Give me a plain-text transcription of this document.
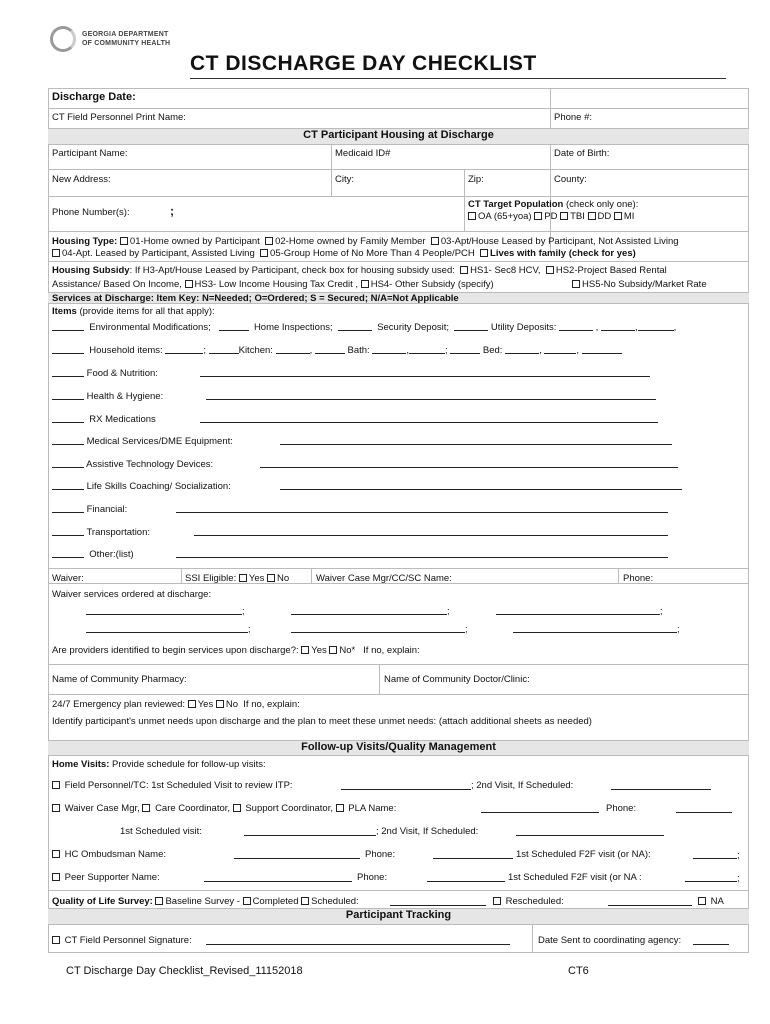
GEORGIA DEPARTMENT
OF COMMUNITY HEALTH
CT DISCHARGE DAY CHECKLIST
Discharge Date:
CT Field Personnel Print Name:	Phone #:
CT Participant Housing at Discharge
Participant Name:	Medicaid ID#	Date of Birth:
New Address:	City:	Zip:	County:
Phone Number(s):	;	CT Target Population (check only one):
OA (65+yoa) PD TBI DD MI
Housing Type: 01-Home owned by Participant 02-Home owned by Family Member 03-Apt/House Leased by Participant, Not Assisted Living
04-Apt. Leased by Participant, Assisted Living 05-Group Home of No More Than 4 People/PCH Lives with family (check for yes)
Housing Subsidy: If H3-Apt/House Leased by Participant, check box for housing subsidy used: HS1- Sec8 HCV, HS2-Project Based Rental
Assistance/ Based On Income, HS3- Low Income Housing Tax Credit , HS4- Other Subsidy (specify)	HS5-No Subsidy/Market Rate
Services at Discharge: Item Key: N=Needed; O=Ordered; S = Secured; N/A=Not Applicable
Items (provide items for all that apply):
Environmental Modifications;	Home Inspections;	Security Deposit;	Utility Deposits:	,	,	,
Household items:	;	Kitchen:	,	Bath:	,	;	Bed:	,	,
Food & Nutrition:
Health & Hygiene:
RX Medications
Medical Services/DME Equipment:
Assistive Technology Devices:
Life Skills Coaching/ Socialization:
Financial:
Transportation:
Other:(list)
Waiver:	SSI Eligible: Yes No	Waiver Case Mgr/CC/SC Name:	Phone:
Waiver services ordered at discharge:
;	;	;
;	;	;
Are providers identified to begin services upon discharge?: Yes No* If no, explain:
Name of Community Pharmacy:	Name of Community Doctor/Clinic:
24/7 Emergency plan reviewed: Yes No If no, explain:
Identify participant's unmet needs upon discharge and the plan to meet these unmet needs: (attach additional sheets as needed)
Follow-up Visits/Quality Management
Home Visits: Provide schedule for follow-up visits:
Field Personnel/TC: 1st Scheduled Visit to review ITP:	; 2nd Visit, If Scheduled:
Waiver Case Mgr, Care Coordinator, Support Coordinator, PLA Name:	Phone:
1st Scheduled visit:	; 2nd Visit, If Scheduled:
HC Ombudsman Name:	Phone:	1st Scheduled F2F visit (or NA):	;
Peer Supporter Name:	Phone:	1st Scheduled F2F visit (or NA :	;
Quality of Life Survey: Baseline Survey - Completed Scheduled:	Rescheduled:	NA
Participant Tracking
CT Field Personnel Signature:	Date Sent to coordinating agency:
CT Discharge Day Checklist_Revised_11152018	CT6
